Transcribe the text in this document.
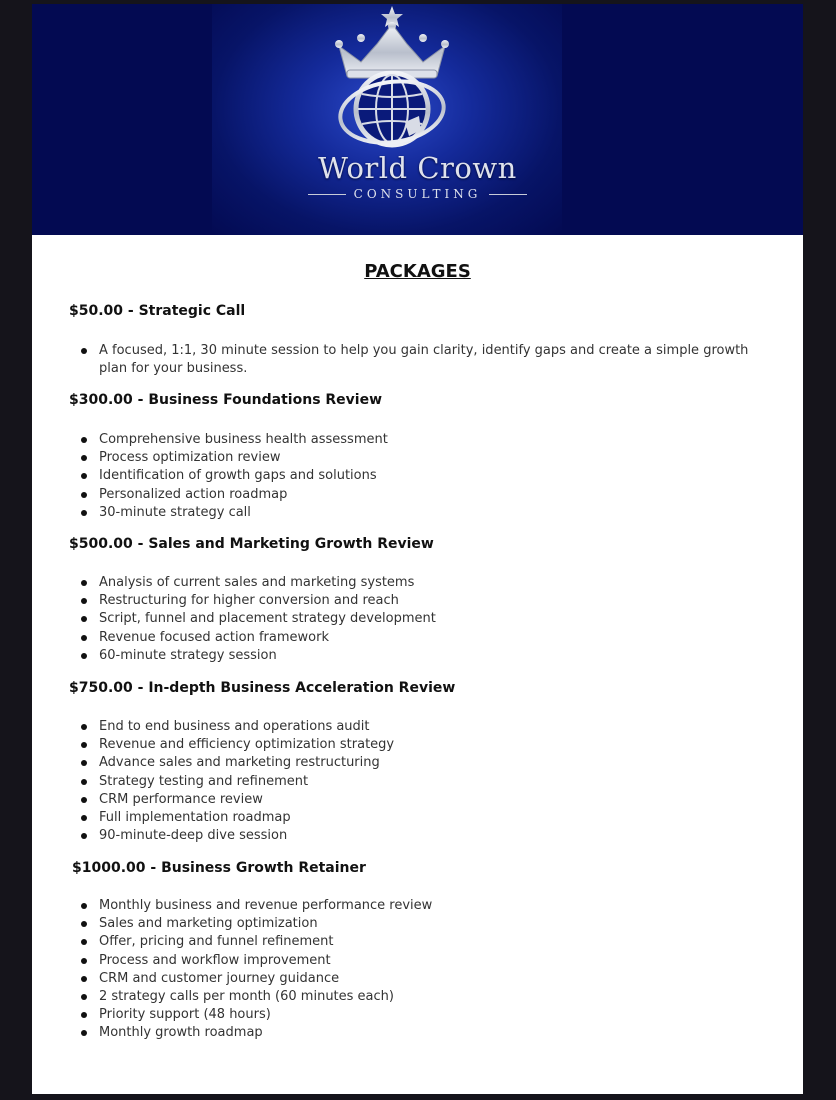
World Crown
CONSULTING
PACKAGES
$50.00 - Strategic Call
A focused, 1:1, 30 minute session to help you gain clarity, identify gaps and create a simple growth plan for your business.
$300.00 - Business Foundations Review
Comprehensive business health assessment
Process optimization review
Identification of growth gaps and solutions
Personalized action roadmap
30-minute strategy call
$500.00 - Sales and Marketing Growth Review
Analysis of current sales and marketing systems
Restructuring for higher conversion and reach
Script, funnel and placement strategy development
Revenue focused action framework
60-minute strategy session
$750.00 - In-depth Business Acceleration Review
End to end business and operations audit
Revenue and efficiency optimization strategy
Advance sales and marketing restructuring
Strategy testing and refinement
CRM performance review
Full implementation roadmap
90-minute-deep dive session
$1000.00 - Business Growth Retainer
Monthly business and revenue performance review
Sales and marketing optimization
Offer, pricing and funnel refinement
Process and workflow improvement
CRM and customer journey guidance
2 strategy calls per month (60 minutes each)
Priority support (48 hours)
Monthly growth roadmap
